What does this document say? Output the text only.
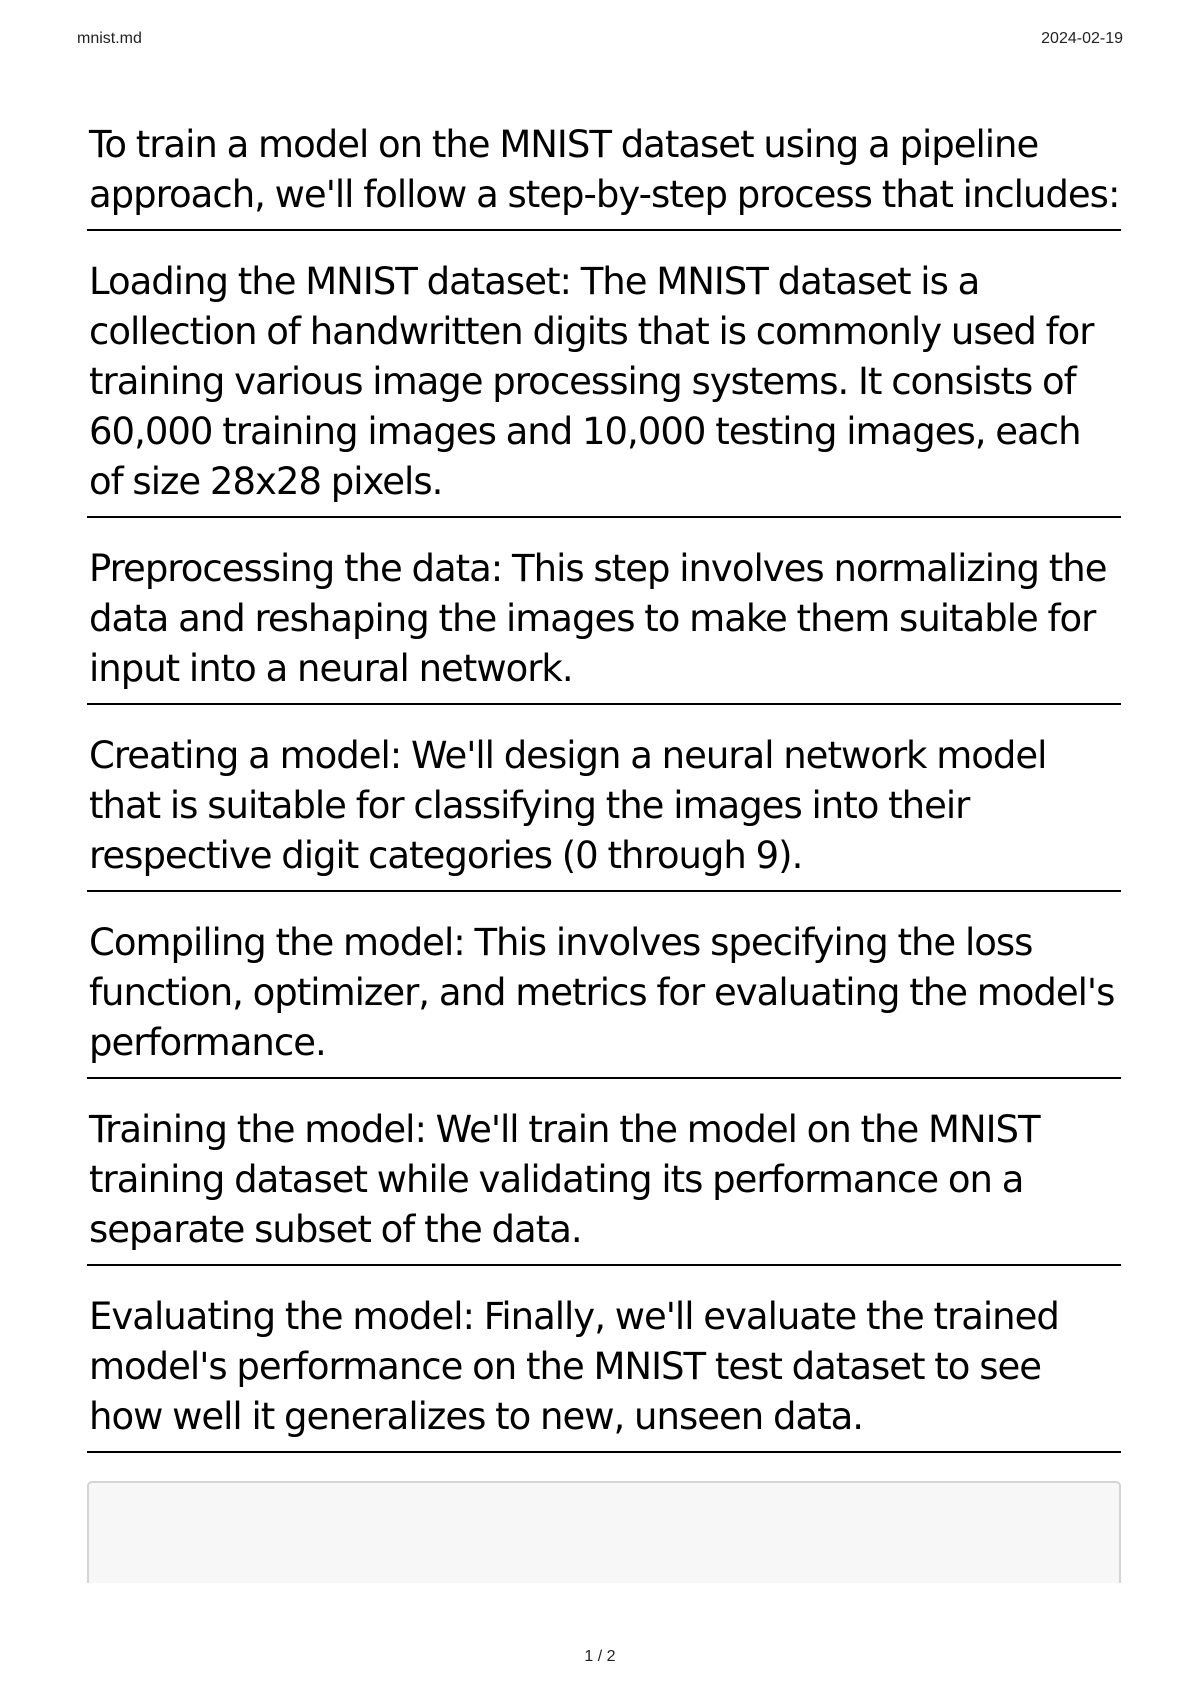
mnist.md	2024-02-19

To train a model on the MNIST dataset using a pipeline approach, we'll follow a step-by-step process that includes:

Loading the MNIST dataset: The MNIST dataset is a collection of handwritten digits that is commonly used for training various image processing systems. It consists of 60,000 training images and 10,000 testing images, each of size 28x28 pixels.

Preprocessing the data: This step involves normalizing the data and reshaping the images to make them suitable for input into a neural network.

Creating a model: We'll design a neural network model that is suitable for classifying the images into their respective digit categories (0 through 9).

Compiling the model: This involves specifying the loss function, optimizer, and metrics for evaluating the model's performance.

Training the model: We'll train the model on the MNIST training dataset while validating its performance on a separate subset of the data.

Evaluating the model: Finally, we'll evaluate the trained model's performance on the MNIST test dataset to see how well it generalizes to new, unseen data.

1 / 2
